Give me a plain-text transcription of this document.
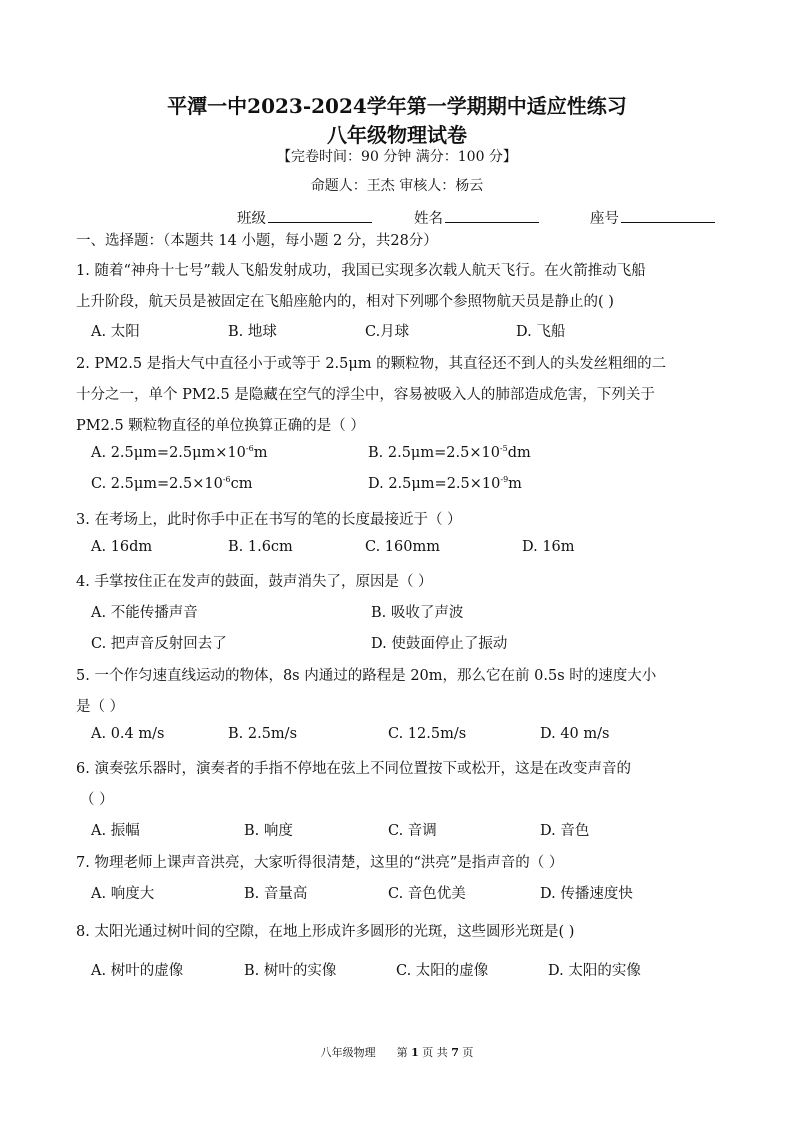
平潭一中2023-2024学年第一学期期中适应性练习
八年级物理试卷
【完卷时间：90 分钟 满分：100 分】
命题人：王杰 审核人：杨云
班级	姓名	座号
一、选择题：（本题共 14 小题，每小题 2 分，共28分）
1. 随着“神舟十七号”载人飞船发射成功，我国已实现多次载人航天飞行。在火箭推动飞船
上升阶段，航天员是被固定在飞船座舱内的，相对下列哪个参照物航天员是静止的( )
A. 太阳	B. 地球	C.月球	D. 飞船
2. PM2.5 是指大气中直径小于或等于 2.5μm 的颗粒物，其直径还不到人的头发丝粗细的二
十分之一，单个 PM2.5 是隐藏在空气的浮尘中，容易被吸入人的肺部造成危害，下列关于
PM2.5 颗粒物直径的单位换算正确的是（ ）
A. $2.5\mu m=2.5\mu m\times 10^{-6}m$	B. $2.5\mu m=2.5\times 10^{-5}dm$
C. $2.5\mu m=2.5\times 10^{-6}cm$	D. $2.5\mu m=2.5\times 10^{-9}m$
3. 在考场上，此时你手中正在书写的笔的长度最接近于（ ）
A. 16dm	B. 1.6cm	C. 160mm	D. 16m
4. 手掌按住正在发声的鼓面，鼓声消失了，原因是（ ）
A. 不能传播声音	B. 吸收了声波
C. 把声音反射回去了	D. 使鼓面停止了振动
5. 一个作匀速直线运动的物体，8s 内通过的路程是 20m，那么它在前 0.5s 时的速度大小
是（ ）
A. 0.4 m/s	B. 2.5m/s	C. 12.5m/s	D. 40 m/s
6. 演奏弦乐器时，演奏者的手指不停地在弦上不同位置按下或松开，这是在改变声音的
（ ）
A. 振幅	B. 响度	C. 音调	D. 音色
7. 物理老师上课声音洪亮，大家听得很清楚，这里的“洪亮”是指声音的（ ）
A. 响度大	B. 音量高	C. 音色优美	D. 传播速度快
8. 太阳光通过树叶间的空隙，在地上形成许多圆形的光斑，这些圆形光斑是( )
A. 树叶的虚像	B. 树叶的实像	C. 太阳的虚像	D. 太阳的实像
八年级物理 第 1 页 共 7 页
